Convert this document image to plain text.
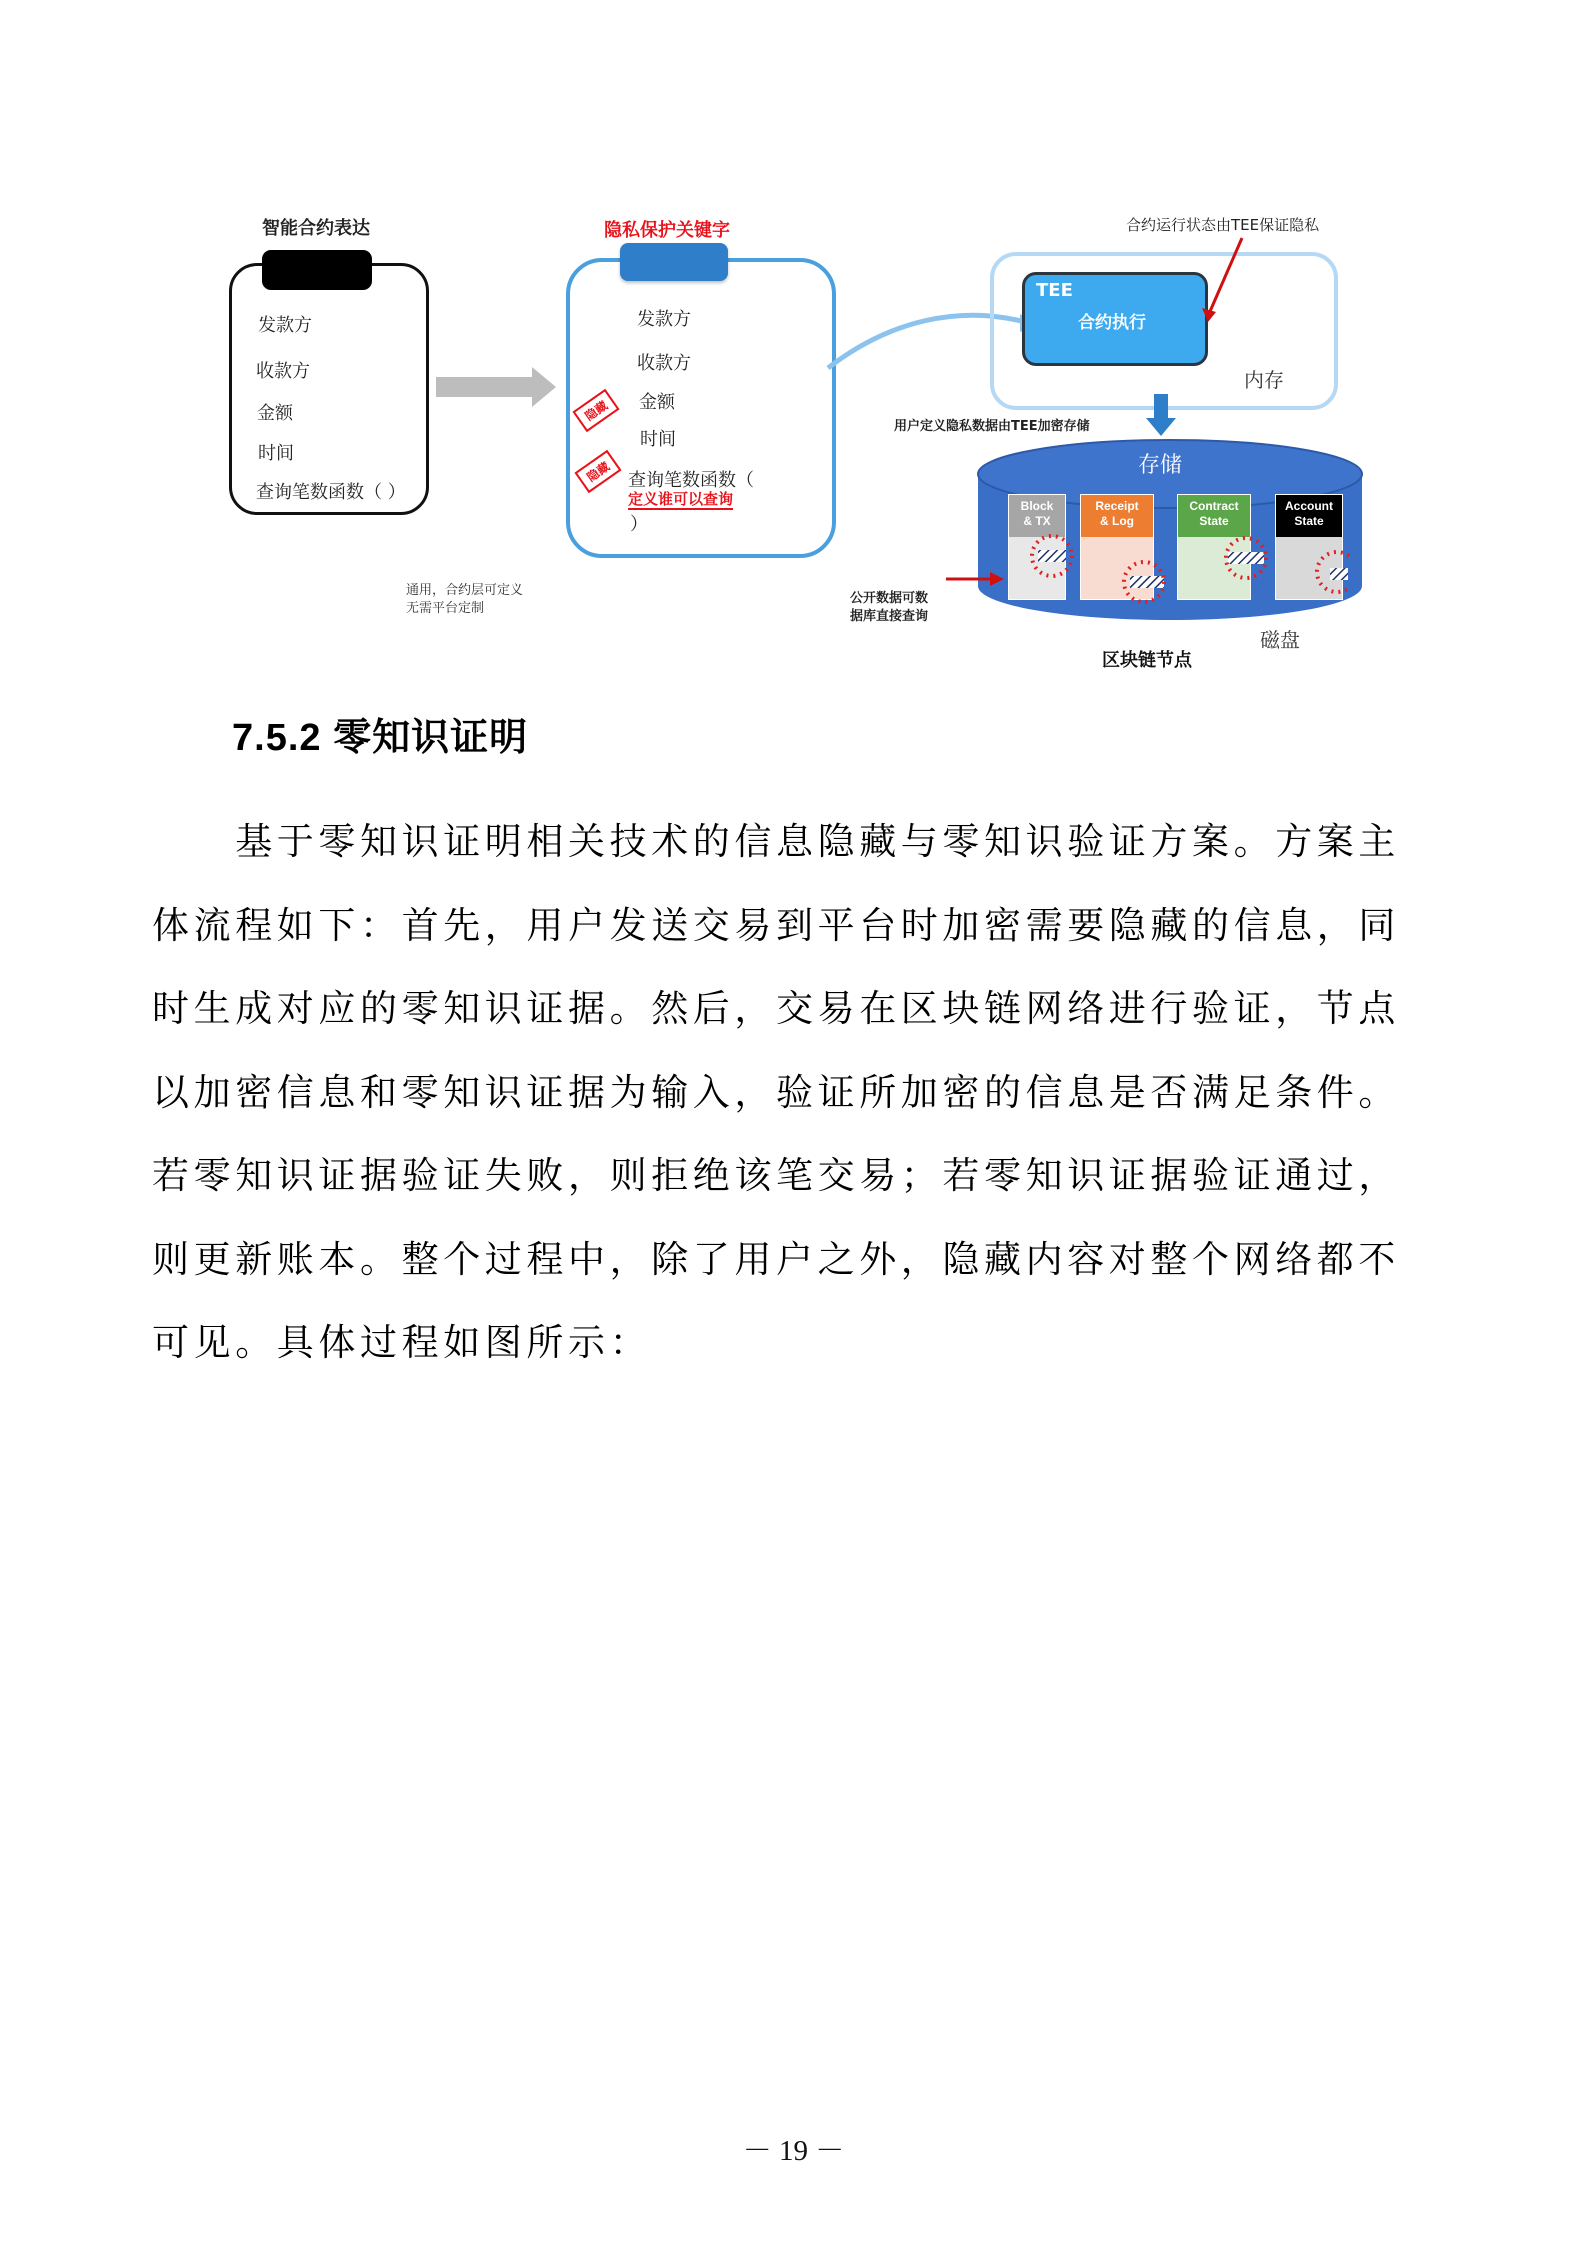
智能合约表达
发款方
收款方
金额
时间
查询笔数函数（ ）
隐私保护关键字
发款方
收款方
金额
时间
查询笔数函数（
定义谁可以查询
）
隐藏
隐藏
通用，合约层可定义
无需平台定制
TEE
合约执行
内存
合约运行状态由TEE保证隐私
用户定义隐私数据由TEE加密存储
存储
Block
& TX
Receipt
& Log
Contract
State
Account
State
公开数据可数
据库直接查询
磁盘
区块链节点
7.5.2 零知识证明
　　基于零知识证明相关技术的信息隐藏与零知识验证方案。方案主
体流程如下：首先，用户发送交易到平台时加密需要隐藏的信息，同
时生成对应的零知识证据。然后，交易在区块链网络进行验证，节点
以加密信息和零知识证据为输入，验证所加密的信息是否满足条件。
若零知识证据验证失败，则拒绝该笔交易；若零知识证据验证通过，
则更新账本。整个过程中，除了用户之外，隐藏内容对整个网络都不
可见。具体过程如图所示：
－ 19 －
